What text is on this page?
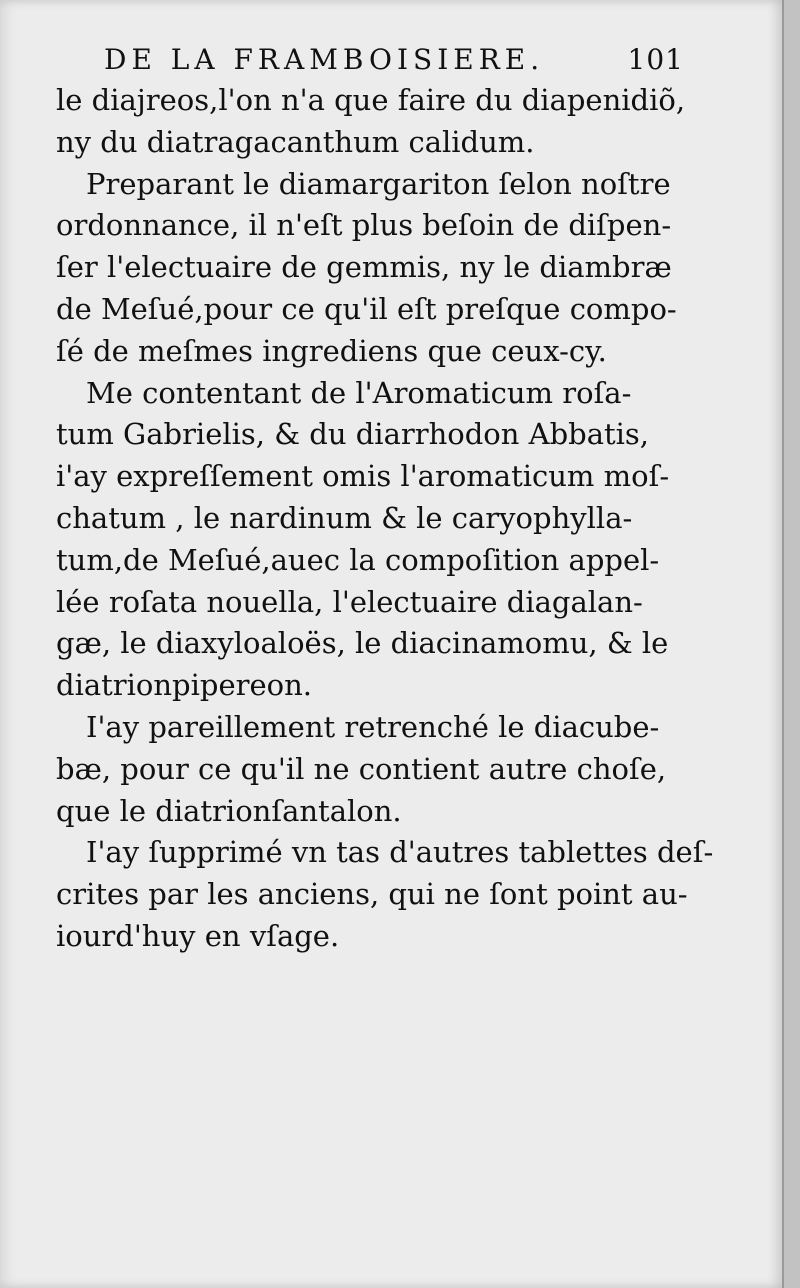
DE LA FRAMBOISIERE.	101
le diajreos,l'on n'a que faire du diapenidiõ,
ny du diatragacanthum calidum.
Preparant le diamargariton ſelon noſtre
ordonnance, il n'eſt plus beſoin de diſpen-
ſer l'electuaire de gemmis, ny le diambræ
de Meſué,pour ce qu'il eſt preſque compo-
ſé de meſmes ingrediens que ceux-cy.
Me contentant de l'Aromaticum roſa-
tum Gabrielis, & du diarrhodon Abbatis,
i'ay expreſſement omis l'aromaticum moſ-
chatum , le nardinum & le caryophylla-
tum,de Meſué,auec la compoſition appel-
lée roſata nouella, l'electuaire diagalan-
gæ, le diaxyloaloës, le diacinamomu, & le
diatrionpipereon.
I'ay pareillement retrenché le diacube-
bæ, pour ce qu'il ne contient autre choſe,
que le diatrionſantalon.
I'ay ſupprimé vn tas d'autres tablettes deſ-
crites par les anciens, qui ne ſont point au-
iourd'huy en vſage.
